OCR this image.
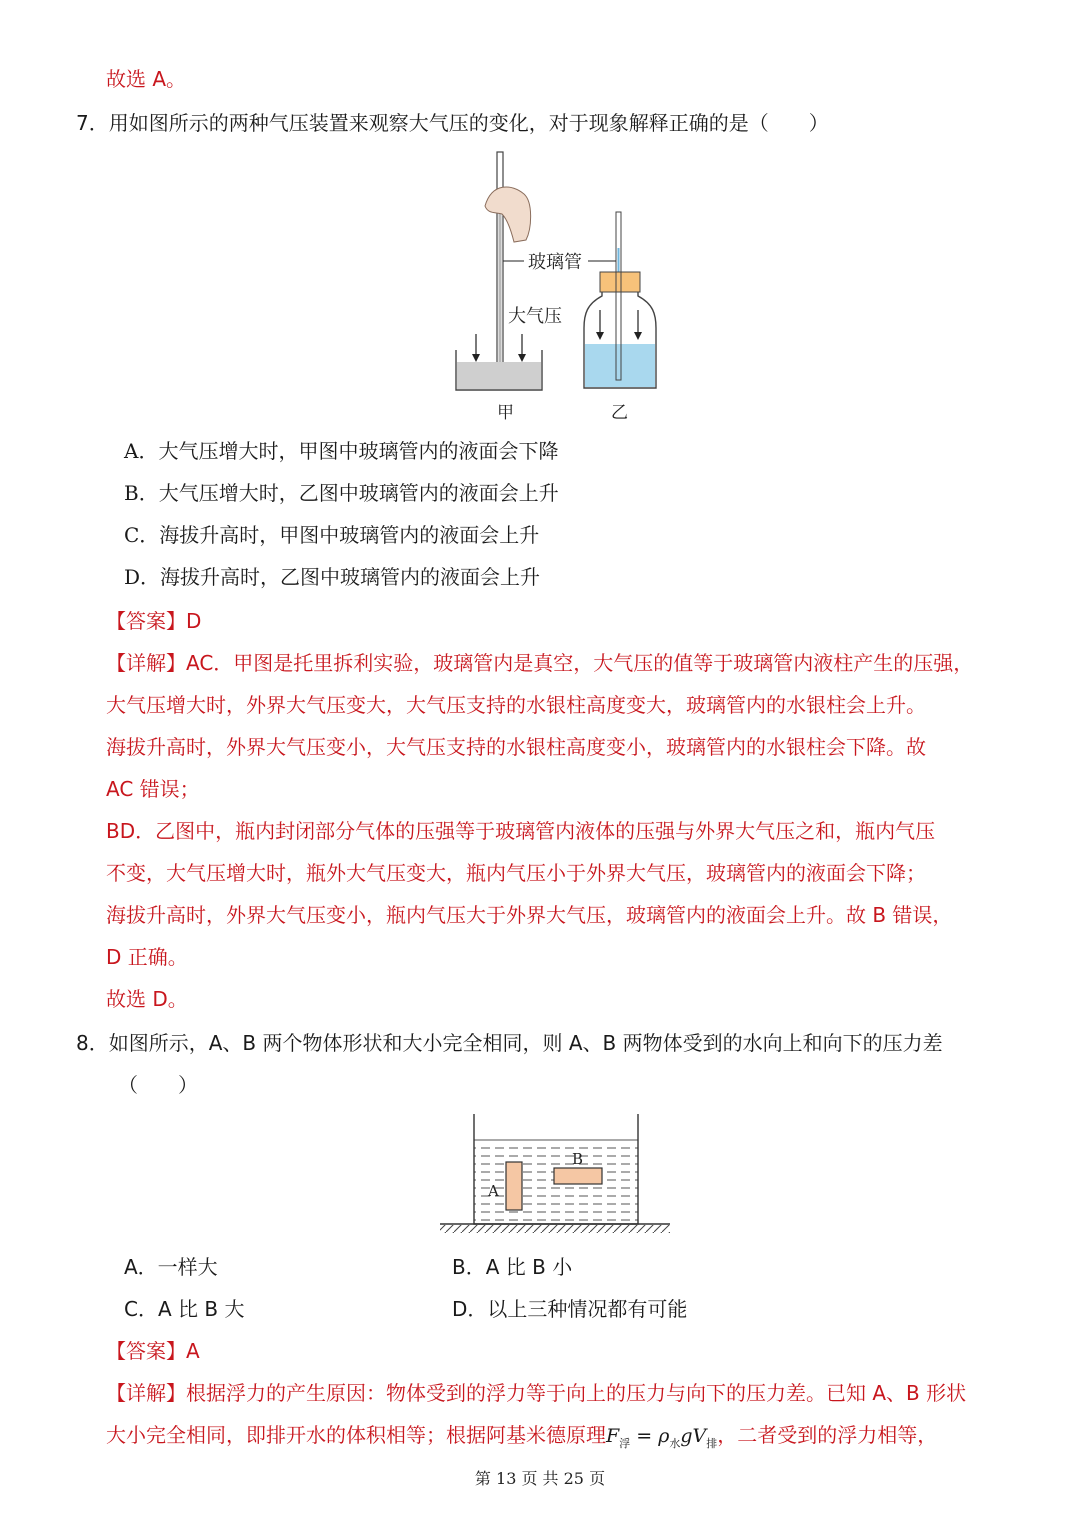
故选 A。
7．用如图所示的两种气压装置来观察大气压的变化，对于现象解释正确的是（　　）
玻璃管
大气压
甲	乙
A．大气压增大时，甲图中玻璃管内的液面会下降
B．大气压增大时，乙图中玻璃管内的液面会上升
C．海拔升高时，甲图中玻璃管内的液面会上升
D．海拔升高时，乙图中玻璃管内的液面会上升
【答案】D
【详解】AC．甲图是托里拆利实验，玻璃管内是真空，大气压的值等于玻璃管内液柱产生的压强，
大气压增大时，外界大气压变大，大气压支持的水银柱高度变大，玻璃管内的水银柱会上升。
海拔升高时，外界大气压变小，大气压支持的水银柱高度变小，玻璃管内的水银柱会下降。故
AC 错误；
BD．乙图中，瓶内封闭部分气体的压强等于玻璃管内液体的压强与外界大气压之和，瓶内气压
不变，大气压增大时，瓶外大气压变大，瓶内气压小于外界大气压，玻璃管内的液面会下降；
海拔升高时，外界大气压变小，瓶内气压大于外界大气压，玻璃管内的液面会上升。故 B 错误，
D 正确。
故选 D。
8．如图所示，A、B 两个物体形状和大小完全相同，则 A、B 两物体受到的水向上和向下的压力差
（　　）
A
B
A．一样大	B．A 比 B 小
C．A 比 B 大	D．以上三种情况都有可能
【答案】A
【详解】根据浮力的产生原因：物体受到的浮力等于向上的压力与向下的压力差。已知 A、B 形状
大小完全相同，即排开水的体积相等；根据阿基米德原理$F_浮 = \rho_水gV_排$，二者受到的浮力相等，
第 13 页 共 25 页
